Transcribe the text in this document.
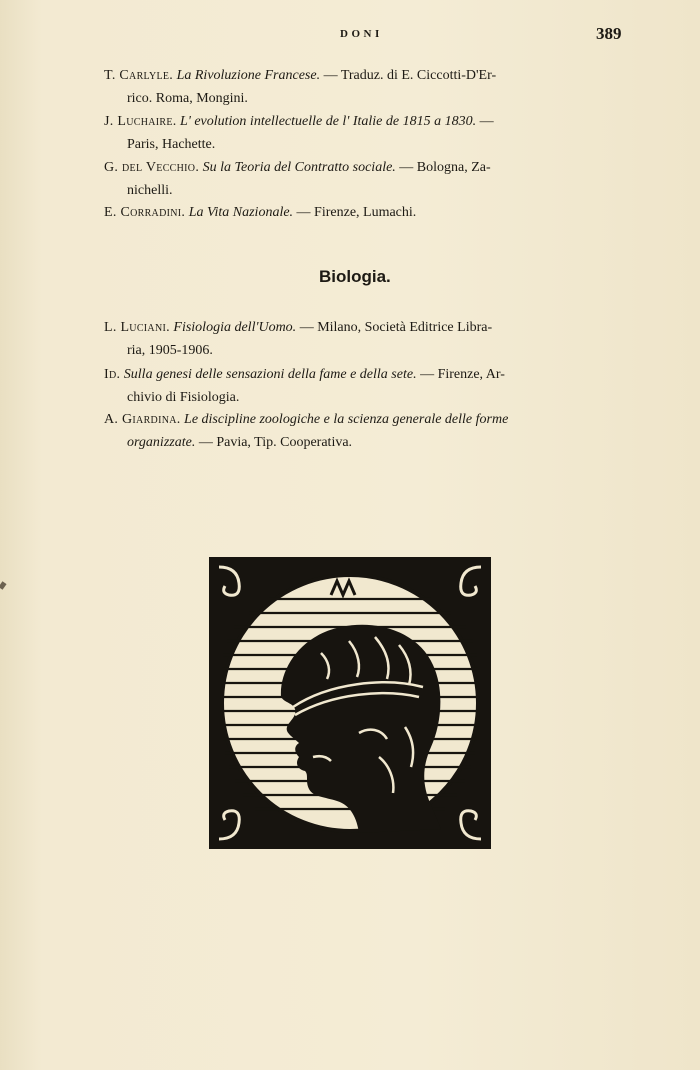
DONI	389
T. Carlyle. La Rivoluzione Francese. — Traduz. di E. Ciccotti-D'Er-
rico. Roma, Mongini.
J. Luchaire. L' evolution intellectuelle de l' Italie de 1815 a 1830. —
Paris, Hachette.
G. del Vecchio. Su la Teoria del Contratto sociale. — Bologna, Za-
nichelli.
E. Corradini. La Vita Nazionale. — Firenze, Lumachi.
Biologia.
L. Luciani. Fisiologia dell'Uomo. — Milano, Società Editrice Libra-
ria, 1905-1906.
Id. Sulla genesi delle sensazioni della fame e della sete. — Firenze, Ar-
chivio di Fisiologia.
A. Giardina. Le discipline zoologiche e la scienza generale delle forme
organizzate. — Pavia, Tip. Cooperativa.
